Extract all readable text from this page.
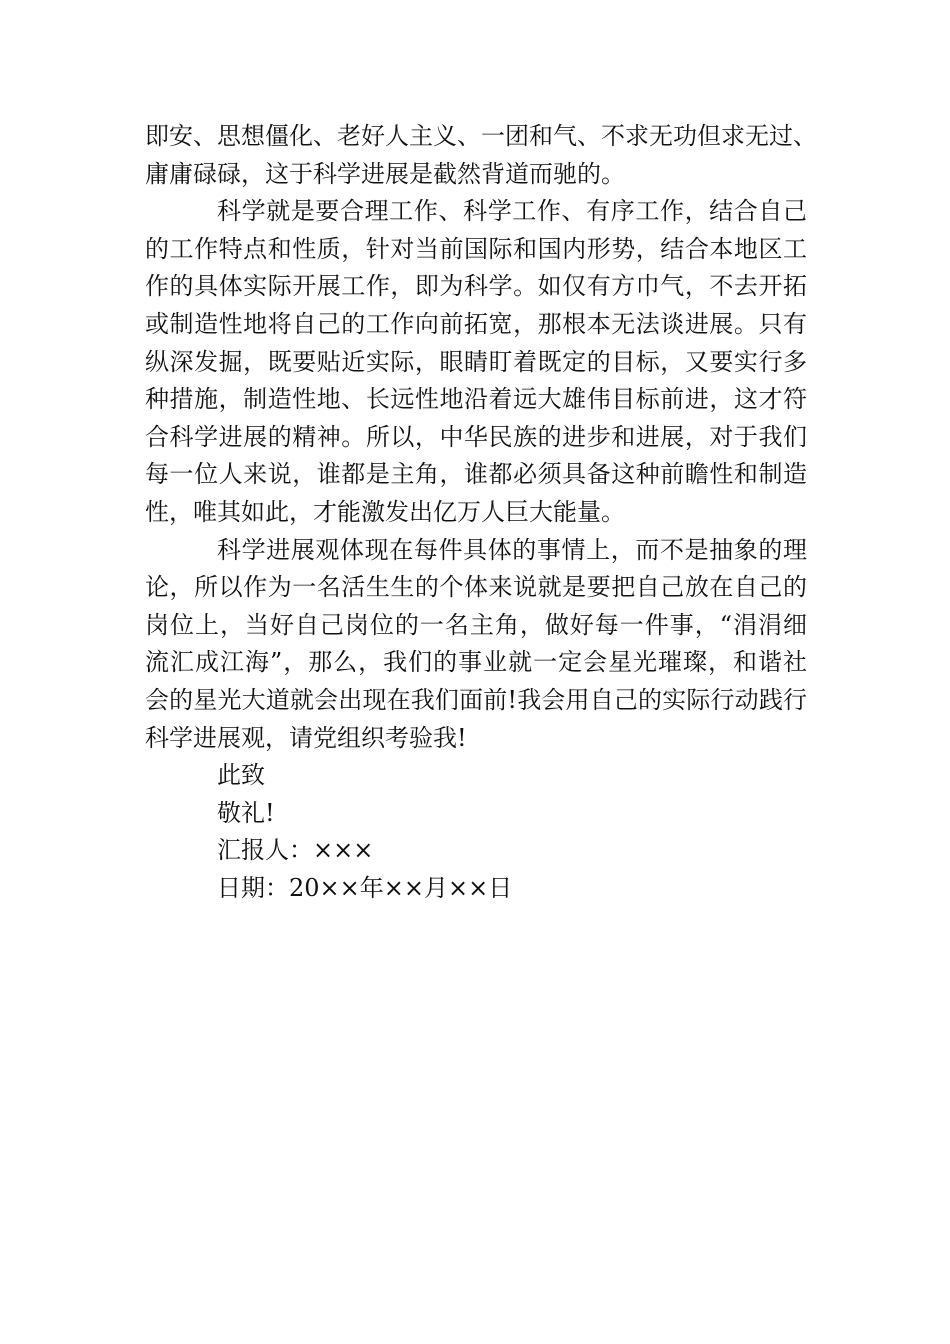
即安、思想僵化、老好人主义、一团和气、不求无功但求无过、
庸庸碌碌，这于科学进展是截然背道而驰的。
科学就是要合理工作、科学工作、有序工作，结合自己
的工作特点和性质，针对当前国际和国内形势，结合本地区工
作的具体实际开展工作，即为科学。如仅有方巾气，不去开拓
或制造性地将自己的工作向前拓宽，那根本无法谈进展。只有
纵深发掘，既要贴近实际，眼睛盯着既定的目标，又要实行多
种措施，制造性地、长远性地沿着远大雄伟目标前进，这才符
合科学进展的精神。所以，中华民族的进步和进展，对于我们
每一位人来说，谁都是主角，谁都必须具备这种前瞻性和制造
性，唯其如此，才能激发出亿万人巨大能量。
科学进展观体现在每件具体的事情上，而不是抽象的理
论，所以作为一名活生生的个体来说就是要把自己放在自己的
岗位上，当好自己岗位的一名主角，做好每一件事，“涓涓细
流汇成江海”，那么，我们的事业就一定会星光璀璨，和谐社
会的星光大道就会出现在我们面前!我会用自己的实际行动践行
科学进展观，请党组织考验我!
此致
敬礼!
汇报人：×××
日期：20××年××月××日
